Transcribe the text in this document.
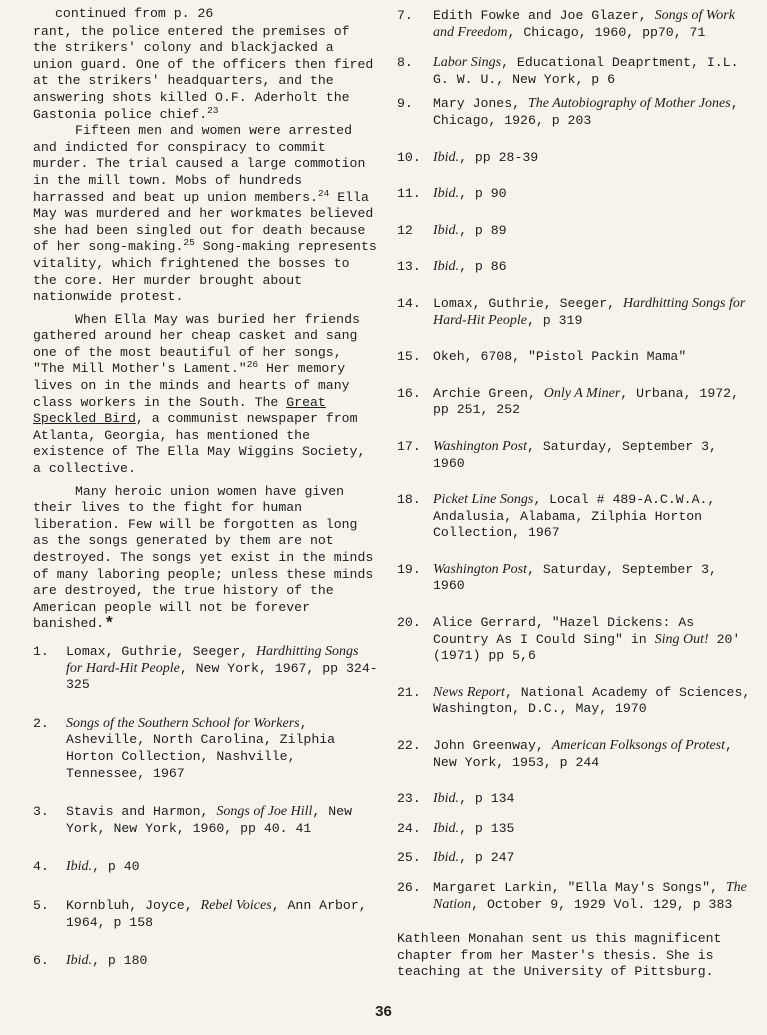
continued from p. 26

rant, the police entered the premises of the strikers' colony and blackjacked a union guard. One of the officers then fired at the strikers' headquarters, and the answering shots killed O.F. Aderholt the Gastonia police chief.$^{23}$

Fifteen men and women were arrested and indicted for conspiracy to commit murder. The trial caused a large commotion in the mill town. Mobs of hundreds harrassed and beat up union members.$^{24}$ Ella May was murdered and her workmates believed she had been singled out for death because of her song-making.$^{25}$ Song-making represents vitality, which frightened the bosses to the core. Her murder brought about nationwide protest.

When Ella May was buried her friends gathered around her cheap casket and sang one of the most beautiful of her songs, "The Mill Mother's Lament."$^{26}$ Her memory lives on in the minds and hearts of many class workers in the South. The Great Speckled Bird, a communist newspaper from Atlanta, Georgia, has mentioned the existence of The Ella May Wiggins Society, a collective.

Many heroic union women have given their lives to the fight for human liberation. Few will be forgotten as long as the songs generated by them are not destroyed. The songs yet exist in the minds of many laboring people; unless these minds are destroyed, the true history of the American people will not be forever banished.*

1.	Lomax, Guthrie, Seeger, Hardhitting Songs for Hard-Hit People, New York, 1967, pp 324-325
2.	Songs of the Southern School for Workers, Asheville, North Carolina, Zilphia Horton Collection, Nashville, Tennessee, 1967
3.	Stavis and Harmon, Songs of Joe Hill, New York, New York, 1960, pp 40. 41
4.	Ibid., p 40
5.	Kornbluh, Joyce, Rebel Voices, Ann Arbor, 1964, p 158
6.	Ibid., p 180
7.	Edith Fowke and Joe Glazer, Songs of Work and Freedom, Chicago, 1960, pp70, 71
8.	Labor Sings, Educational Deaprtment, I.L. G. W. U., New York, p 6
9.	Mary Jones, The Autobiography of Mother Jones, Chicago, 1926, p 203
10. Ibid., pp 28-39
11. Ibid., p 90
12	Ibid., p 89
13. Ibid., p 86
14. Lomax, Guthrie, Seeger, Hardhitting Songs for Hard-Hit People, p 319
15. Okeh, 6708, "Pistol Packin Mama"
16. Archie Green, Only A Miner, Urbana, 1972, pp 251, 252
17. Washington Post, Saturday, September 3, 1960
18. Picket Line Songs, Local # 489-A.C.W.A., Andalusia, Alabama, Zilphia Horton Collection, 1967
19. Washington Post, Saturday, September 3, 1960
20. Alice Gerrard, "Hazel Dickens: As Country As I Could Sing" in Sing Out! 20' (1971) pp 5,6
21. News Report, National Academy of Sciences, Washington, D.C., May, 1970
22. John Greenway, American Folksongs of Protest, New York, 1953, p 244
23. Ibid., p 134
24. Ibid., p 135
25. Ibid., p 247
26. Margaret Larkin, "Ella May's Songs", The Nation, October 9, 1929 Vol. 129, p 383

Kathleen Monahan sent us this magnificent chapter from her Master's thesis. She is teaching at the University of Pittsburg.

36
